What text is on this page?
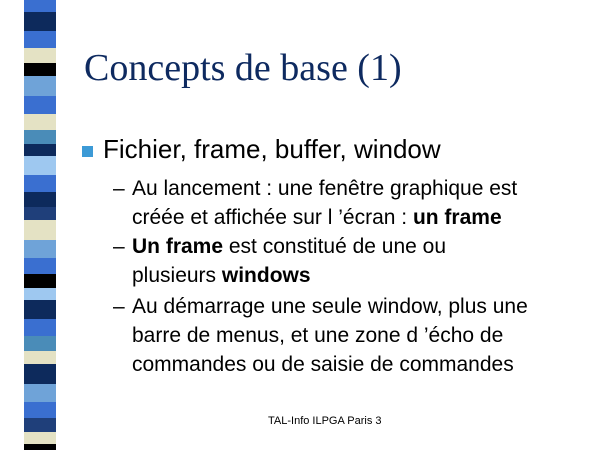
Concepts de base (1)
Fichier, frame, buffer, window
– Au lancement : une fenêtre graphique est
créée et affichée sur l ’écran : un frame
– Un frame est constitué de une ou
plusieurs windows
– Au démarrage une seule window, plus une
barre de menus, et une zone d ’écho de
commandes ou de saisie de commandes
TAL-Info ILPGA Paris 3
